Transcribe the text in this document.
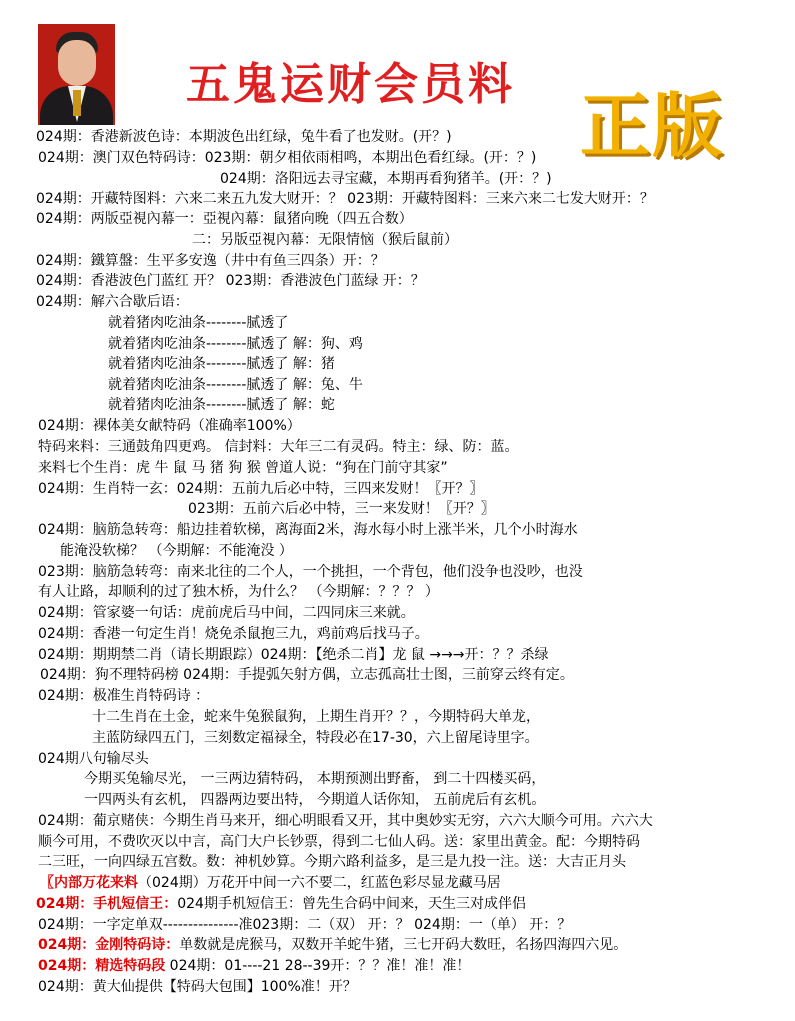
五鬼运财会员料 正版
024期：香港新波色诗：本期波色出红绿，兔牛看了也发财。(开？)
024期：澳门双色特码诗：023期：朝夕相依雨相鸣，本期出色看红绿。(开：？)
024期：洛阳远去寻宝藏，本期再看狗猪羊。(开：？)
024期：开藏特图料：六来二来五九发大财开：？ 023期：开藏特图料：三来六来二七发大财开：？
024期：两版亞視內幕一：亞視內幕：鼠猪向晚（四五合数）
二：另版亞視內幕：无限情恼（猴后鼠前）
024期：鐵算盤：生平多安逸（井中有鱼三四条）开：？
024期：香港波色门蓝红 开？ 023期：香港波色门蓝绿 开：？
024期：解六合歇后语：
就着猪肉吃油条--------腻透了
就着猪肉吃油条--------腻透了 解：狗、鸡
就着猪肉吃油条--------腻透了 解：猪
就着猪肉吃油条--------腻透了 解：兔、牛
就着猪肉吃油条--------腻透了 解：蛇
024期：裸体美女献特码（准确率100%）
特码来料：三通鼓角四更鸡。 信封料：大年三二有灵码。特主：绿、防：蓝。
来料七个生肖：虎 牛 鼠 马 猪 狗 猴 曾道人说：“狗在门前守其家”
024期：生肖特一玄：024期：五前九后必中特，三四来发财！〖开？〗
023期：五前六后必中特，三一来发财！〖开？〗
024期：脑筋急转弯：船边挂着软梯，离海面2米，海水每小时上涨半米，几个小时海水
能淹没软梯？ （今期解：不能淹没 ）
023期：脑筋急转弯：南来北往的二个人，一个挑担，一个背包，他们没争也没吵，也没
有人让路，却顺利的过了独木桥，为什么？ （今期解：？？？ ）
024期：管家婆一句话：虎前虎后马中间，二四同床三来就。
024期：香港一句定生肖！烧免杀鼠抱三九，鸡前鸡后找马子。
024期：期期禁二肖（请长期跟踪）024期：【绝杀二肖】龙 鼠 →→→开：？？杀绿
024期：狗不理特码榜 024期：手提弧矢射方偶，立志孤高壮士图，三前穿云终有定。
024期：极准生肖特码诗 ：
十二生肖在土金，蛇来牛兔猴鼠狗，上期生肖开？？，今期特码大单龙，
主蓝防绿四五门，三刻数定福禄全，特段必在17-30，六上留尾诗里字。
024期八句输尽头
今期买兔输尽光， 一三两边猜特码， 本期预测出野畜， 到二十四楼买码，
一四两头有玄机， 四器两边要出特， 今期道人话你知， 五前虎后有玄机。
024期：葡京赌侠：今期生肖马来开，细心明眼看又开，其中奥妙实无穷，六六大顺今可用。六六大
顺今可用，不费吹灭以中言，高门大户长钞票，得到二七仙人码。送：家里出黄金。配：今期特码
二三旺，一向四绿五宫数。数：神机妙算。今期六路利益多，是三是九投一注。送：大吉正月头
〖内部万花来料（024期）万花开中间一六不要二，红蓝色彩尽显龙藏马居
024期：手机短信王：024期手机短信王：曾先生合码中间来，天生三对成伴侣
024期：一字定单双---------------准023期：二（双） 开：？ 024期：一（单） 开：？
024期：金刚特码诗：单数就是虎猴马，双数开羊蛇牛猪，三七开码大数旺，名扬四海四六见。
024期：精选特码段 024期：01----21 28--39开：？？准！准！准！
024期：黄大仙提供【特码大包围】100%准！开？
